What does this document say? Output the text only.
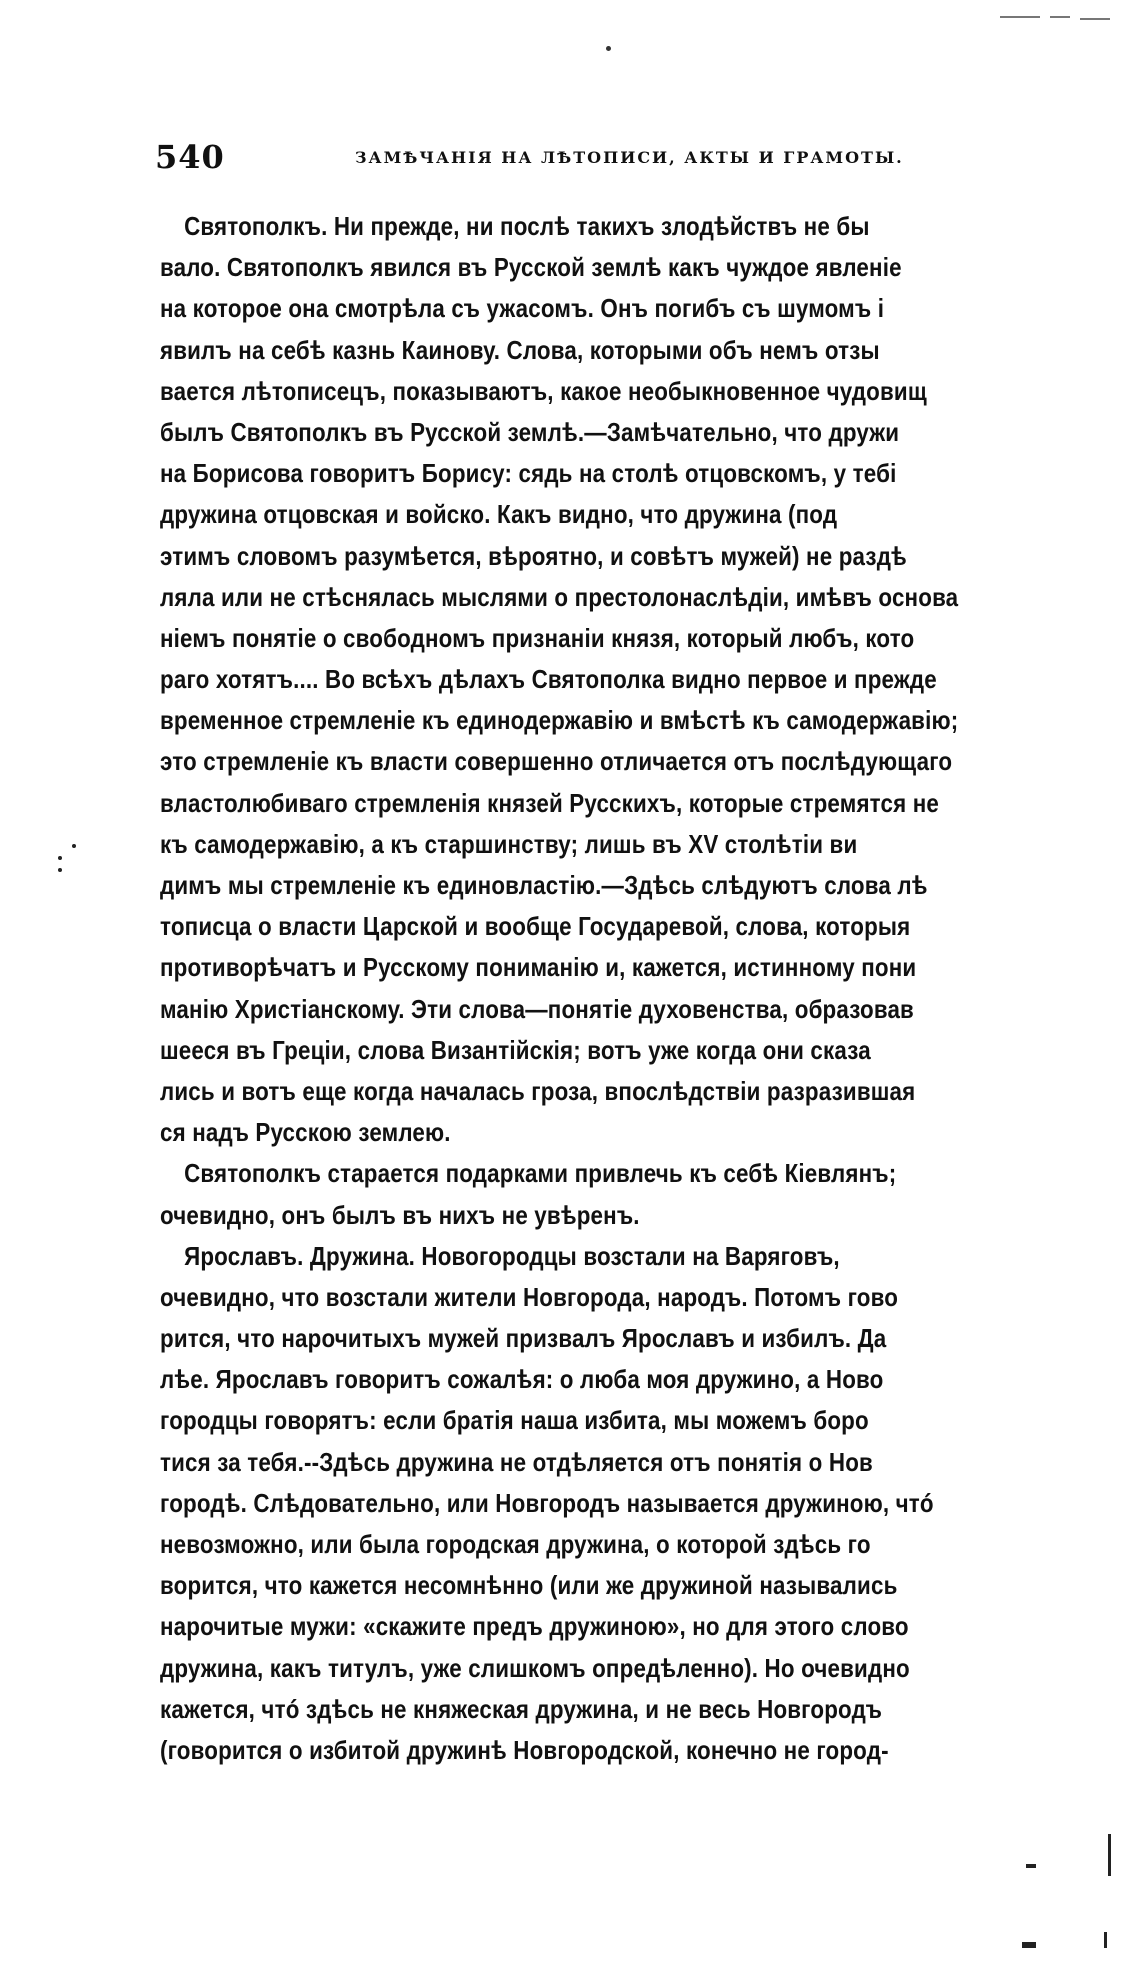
540	ЗАМѢЧАНІЯ НА ЛѢТОПИСИ, АКТЫ И ГРАМОТЫ.
Святополкъ. Ни прежде, ни послѣ такихъ злодѣйствъ не бы
вало. Святополкъ явился въ Русской землѣ какъ чуждое явленіе
на которое она смотрѣла съ ужасомъ. Онъ погибъ съ шумомъ і
явилъ на себѣ казнь Каинову. Слова, которыми объ немъ отзы
вается лѣтописецъ, показываютъ, какое необыкновенное чудовищ
былъ Святополкъ въ Русской землѣ.—Замѣчательно, что дружи
на Борисова говоритъ Борису: сядь на столѣ отцовскомъ, у тебі
дружина отцовская и войско. Какъ видно, что дружина (под
этимъ словомъ разумѣется, вѣроятно, и совѣтъ мужей) не раздѣ
ляла или не стѣснялась мыслями о престолонаслѣдіи, имѣвъ основа
ніемъ понятіе о свободномъ признаніи князя, который любъ, кото
раго хотятъ.... Во всѣхъ дѣлахъ Святополка видно первое и прежде
временное стремленіе къ единодержавію и вмѣстѣ къ самодержавію;
это стремленіе къ власти совершенно отличается отъ послѣдующаго
властолюбиваго стремленія князей Русскихъ, которые стремятся не
къ самодержавію, а къ старшинству; лишь въ XV столѣтіи ви
димъ мы стремленіе къ единовластію.—Здѣсь слѣдуютъ слова лѣ
тописца о власти Царской и вообще Государевой, слова, которыя
противорѣчатъ и Русскому пониманію и, кажется, истинному пони
манію Христіанскому. Эти слова—понятіе духовенства, образовав
шееся въ Греціи, слова Византійскія; вотъ уже когда они сказа
лись и вотъ еще когда началась гроза, впослѣдствіи разразившая
ся надъ Русскою землею.
Святополкъ старается подарками привлечь къ себѣ Кіевлянъ;
очевидно, онъ былъ въ нихъ не увѣренъ.
Ярославъ. Дружина. Новогородцы возстали на Варяговъ,
очевидно, что возстали жители Новгорода, народъ. Потомъ гово
рится, что нарочитыхъ мужей призвалъ Ярославъ и избилъ. Да
лѣе. Ярославъ говоритъ сожалѣя: о люба моя дружино, а Ново
городцы говорятъ: если братія наша избита, мы можемъ бoро
тися за тебя.--Здѣсь дружина не отдѣляется отъ понятія о Нов
городѣ. Слѣдовательно, или Новгородъ называется дружиною, чтó
невозможно, или была городская дружина, о которой здѣсь го
ворится, что кажется несомнѣнно (или же дружиной назывались
нарочитые мужи: «скажите предъ дружиною», но для этого слово
дружина, какъ титулъ, уже слишкомъ опредѣленно). Но очевидно
кажется, чтó здѣсь не княжеская дружина, и не весь Новгородъ
(говорится о избитой дружинѣ Новгородской, конечно не город-
